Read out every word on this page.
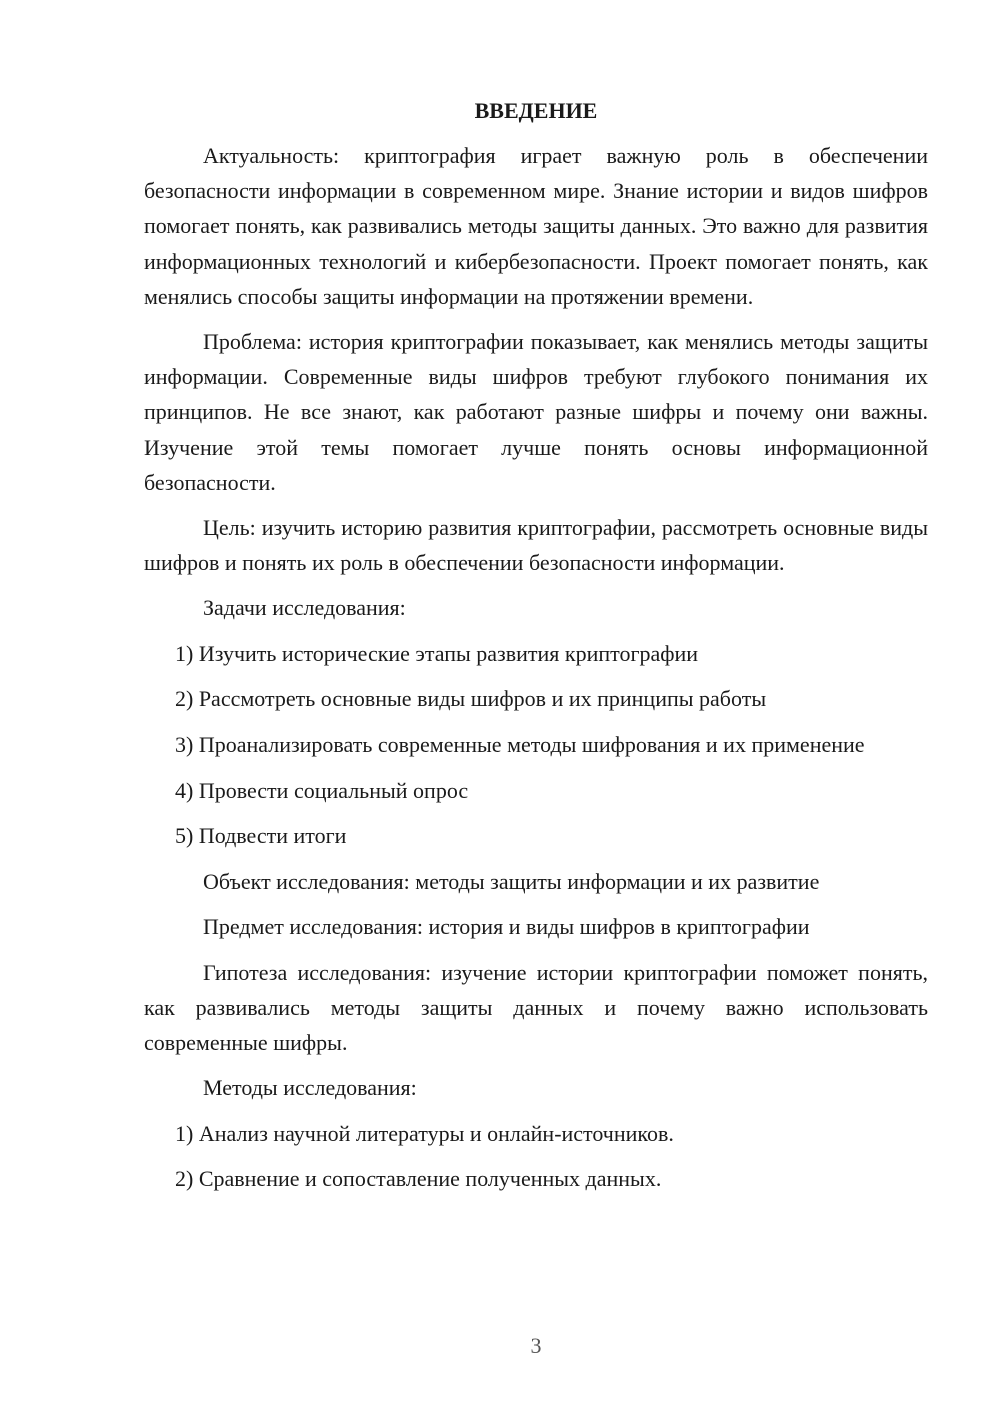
ВВЕДЕНИЕ

Актуальность: криптография играет важную роль в обеспечении безопасности информации в современном мире. Знание истории и видов шифров помогает понять, как развивались методы защиты данных. Это важно для развития информационных технологий и кибербезопасности. Проект помогает понять, как менялись способы защиты информации на протяжении времени.

Проблема: история криптографии показывает, как менялись методы защиты информации. Современные виды шифров требуют глубокого понимания их принципов. Не все знают, как работают разные шифры и почему они важны. Изучение этой темы помогает лучше понять основы информационной безопасности.

Цель: изучить историю развития криптографии, рассмотреть основные виды шифров и понять их роль в обеспечении безопасности информации.

Задачи исследования:

1) Изучить исторические этапы развития криптографии

2) Рассмотреть основные виды шифров и их принципы работы

3) Проанализировать современные методы шифрования и их применение

4) Провести социальный опрос

5) Подвести итоги

Объект исследования: методы защиты информации и их развитие

Предмет исследования: история и виды шифров в криптографии

Гипотеза исследования: изучение истории криптографии поможет понять, как развивались методы защиты данных и почему важно использовать современные шифры.

Методы исследования:

1) Анализ научной литературы и онлайн-источников.

2) Сравнение и сопоставление полученных данных.

3
